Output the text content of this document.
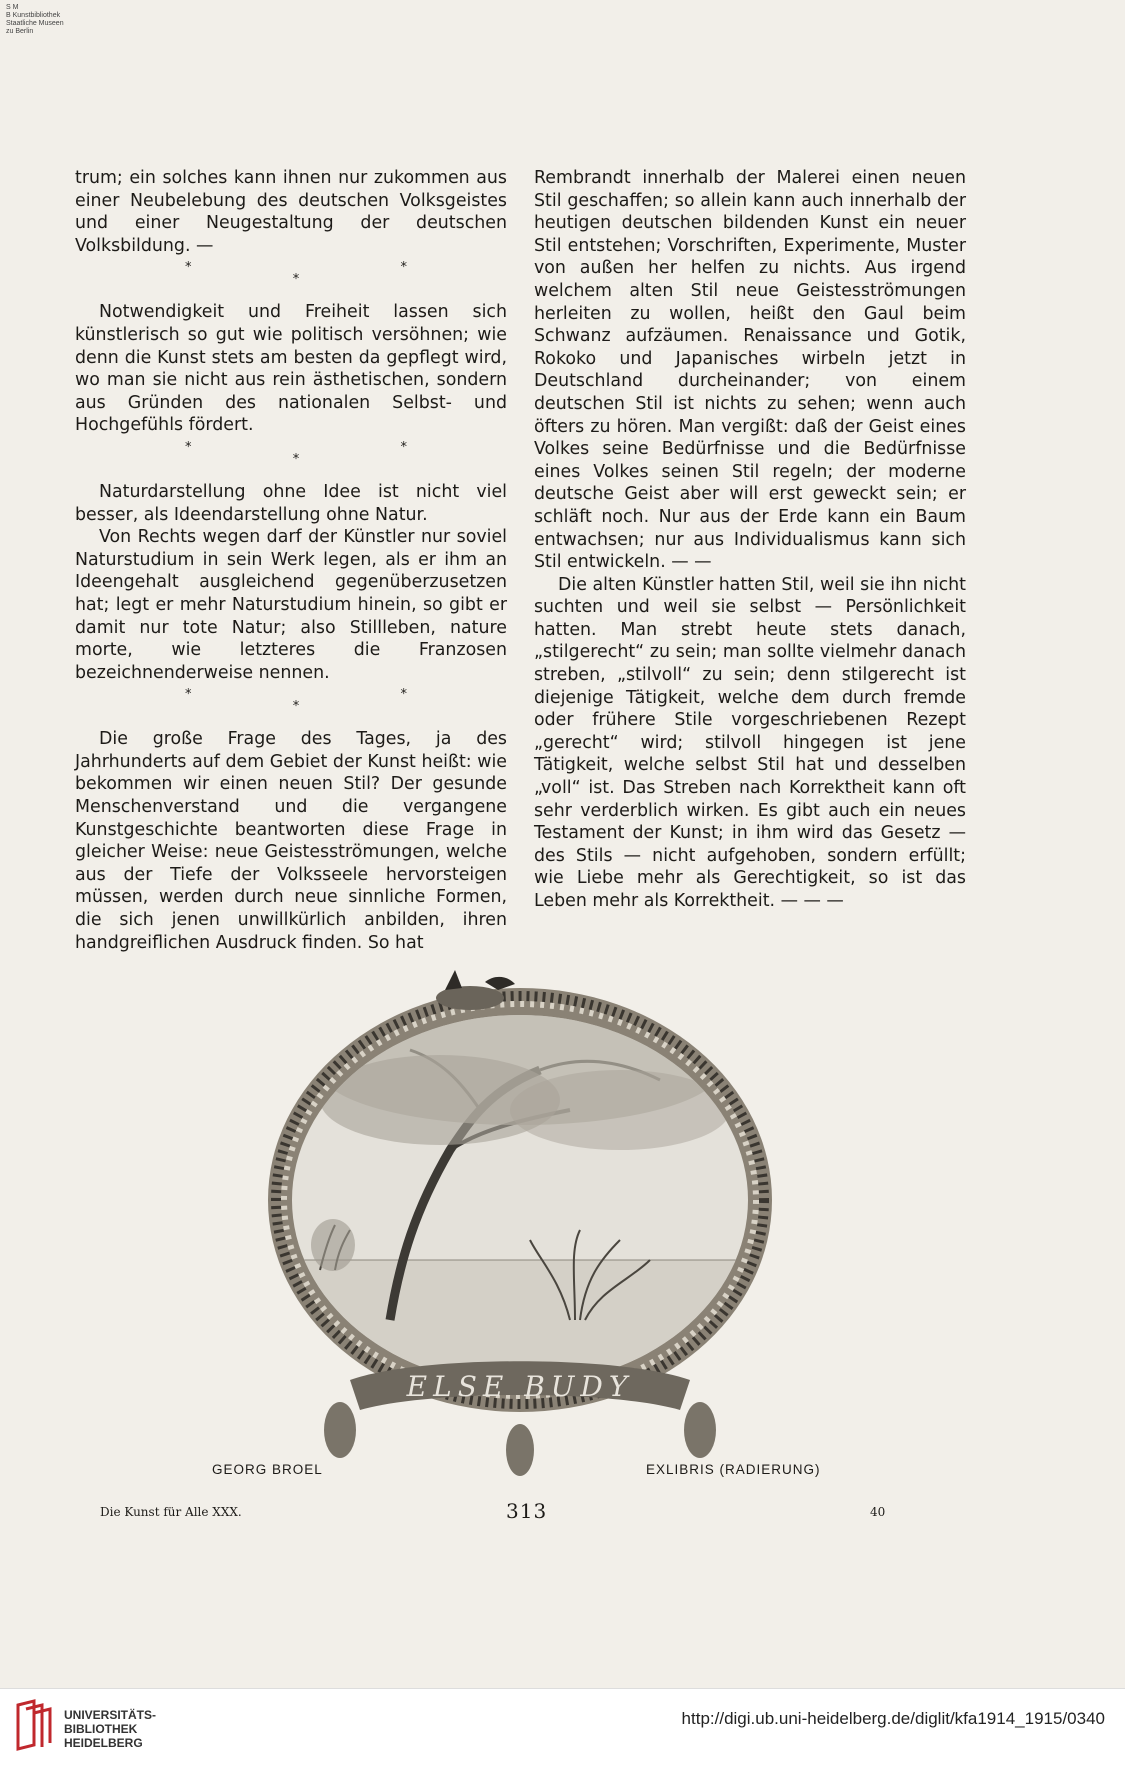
S M
B Kunstbibliothek
Staatliche Museen
zu Berlin

trum; ein solches kann ihnen nur zukommen aus einer Neubelebung des deutschen Volksgeistes und einer Neugestaltung der deutschen Volksbildung. —

*
*
*

Notwendigkeit und Freiheit lassen sich künstlerisch so gut wie politisch versöhnen; wie denn die Kunst stets am besten da gepflegt wird, wo man sie nicht aus rein ästhetischen, sondern aus Gründen des nationalen Selbst- und Hochgefühls fördert.

*
*
*

Naturdarstellung ohne Idee ist nicht viel besser, als Ideendarstellung ohne Natur.

Von Rechts wegen darf der Künstler nur soviel Naturstudium in sein Werk legen, als er ihm an Ideengehalt ausgleichend gegenüberzusetzen hat; legt er mehr Naturstudium hinein, so gibt er damit nur tote Natur; also Stillleben, nature morte, wie letzteres die Franzosen bezeichnenderweise nennen.

*
*
*

Die große Frage des Tages, ja des Jahrhunderts auf dem Gebiet der Kunst heißt: wie bekommen wir einen neuen Stil? Der gesunde Menschenverstand und die vergangene Kunstgeschichte beantworten diese Frage in gleicher Weise: neue Geistesströmungen, welche aus der Tiefe der Volksseele hervorsteigen müssen, werden durch neue sinnliche Formen, die sich jenen unwillkürlich anbilden, ihren handgreiflichen Ausdruck finden. So hat

Rembrandt innerhalb der Malerei einen neuen Stil geschaffen; so allein kann auch innerhalb der heutigen deutschen bildenden Kunst ein neuer Stil entstehen; Vorschriften, Experimente, Muster von außen her helfen zu nichts. Aus irgend welchem alten Stil neue Geistesströmungen herleiten zu wollen, heißt den Gaul beim Schwanz aufzäumen. Renaissance und Gotik, Rokoko und Japanisches wirbeln jetzt in Deutschland durcheinander; von einem deutschen Stil ist nichts zu sehen; wenn auch öfters zu hören. Man vergißt: daß der Geist eines Volkes seine Bedürfnisse und die Bedürfnisse eines Volkes seinen Stil regeln; der moderne deutsche Geist aber will erst geweckt sein; er schläft noch. Nur aus der Erde kann ein Baum entwachsen; nur aus Individualismus kann sich Stil entwickeln. — —

Die alten Künstler hatten Stil, weil sie ihn nicht suchten und weil sie selbst — Persönlichkeit hatten. Man strebt heute stets danach, „stilgerecht“ zu sein; man sollte vielmehr danach streben, „stilvoll“ zu sein; denn stilgerecht ist diejenige Tätigkeit, welche dem durch fremde oder frühere Stile vorgeschriebenen Rezept „gerecht“ wird; stilvoll hingegen ist jene Tätigkeit, welche selbst Stil hat und desselben „voll“ ist. Das Streben nach Korrektheit kann oft sehr verderblich wirken. Es gibt auch ein neues Testament der Kunst; in ihm wird das Gesetz — des Stils — nicht aufgehoben, sondern erfüllt; wie Liebe mehr als Gerechtigkeit, so ist das Leben mehr als Korrektheit. — — —

ELSE BUDY
GEORG BROEL	EXLIBRIS (RADIERUNG)
Die Kunst für Alle XXX.	313	40
UNIVERSITÄTS-
BIBLIOTHEK
HEIDELBERG
http://digi.ub.uni-heidelberg.de/diglit/kfa1914_1915/0340
